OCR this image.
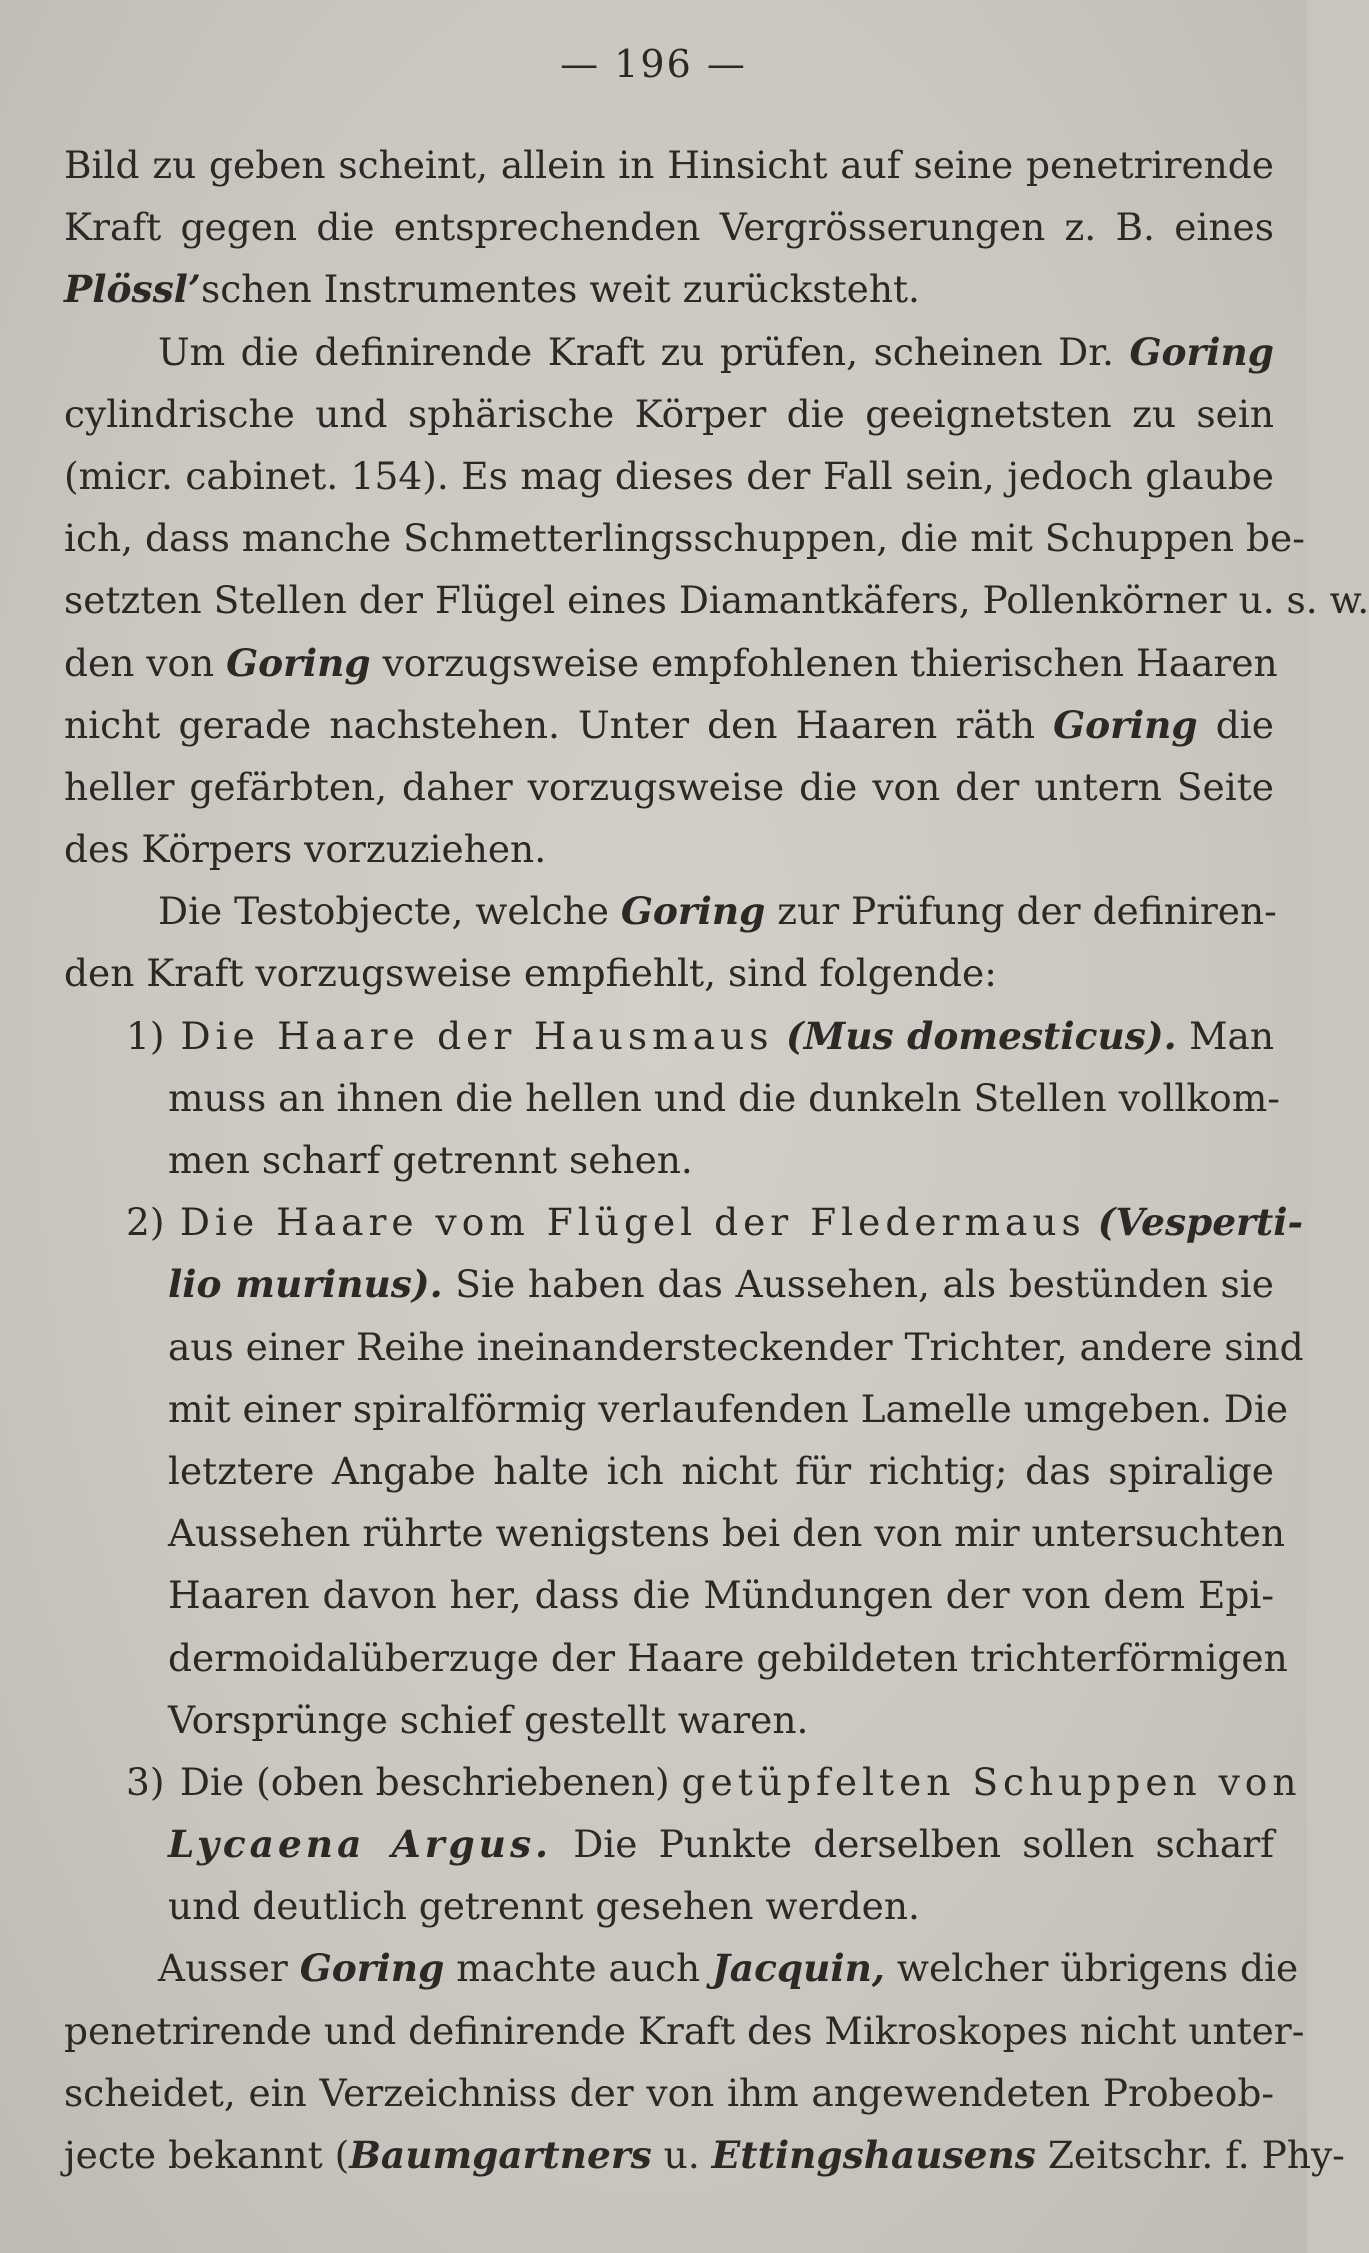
— 196 —
Bild zu geben scheint, allein in Hinsicht auf seine penetrirende
Kraft gegen die entsprechenden Vergrösserungen z. B. eines
Plössl’schen Instrumentes weit zurücksteht.
Um die definirende Kraft zu prüfen, scheinen Dr. Goring
cylindrische und sphärische Körper die geeignetsten zu sein
(micr. cabinet. 154). Es mag dieses der Fall sein, jedoch glaube
ich, dass manche Schmetterlingsschuppen, die mit Schuppen be-
setzten Stellen der Flügel eines Diamantkäfers, Pollenkörner u. s. w.
den von Goring vorzugsweise empfohlenen thierischen Haaren
nicht gerade nachstehen. Unter den Haaren räth Goring die
heller gefärbten, daher vorzugsweise die von der untern Seite
des Körpers vorzuziehen.
Die Testobjecte, welche Goring zur Prüfung der definiren-
den Kraft vorzugsweise empfiehlt, sind folgende:
1) Die Haare der Hausmaus (Mus domesticus). Man
muss an ihnen die hellen und die dunkeln Stellen vollkom-
men scharf getrennt sehen.
2) Die Haare vom Flügel der Fledermaus (Vesperti-
lio murinus). Sie haben das Aussehen, als bestünden sie
aus einer Reihe ineinandersteckender Trichter, andere sind
mit einer spiralförmig verlaufenden Lamelle umgeben. Die
letztere Angabe halte ich nicht für richtig; das spiralige
Aussehen rührte wenigstens bei den von mir untersuchten
Haaren davon her, dass die Mündungen der von dem Epi-
dermoidalüberzuge der Haare gebildeten trichterförmigen
Vorsprünge schief gestellt waren.
3) Die (oben beschriebenen) getüpfelten Schuppen von
Lycaena Argus. Die Punkte derselben sollen scharf
und deutlich getrennt gesehen werden.
Ausser Goring machte auch Jacquin, welcher übrigens die
penetrirende und definirende Kraft des Mikroskopes nicht unter-
scheidet, ein Verzeichniss der von ihm angewendeten Probeob-
jecte bekannt (Baumgartners u. Ettingshausens Zeitschr. f. Phy-
